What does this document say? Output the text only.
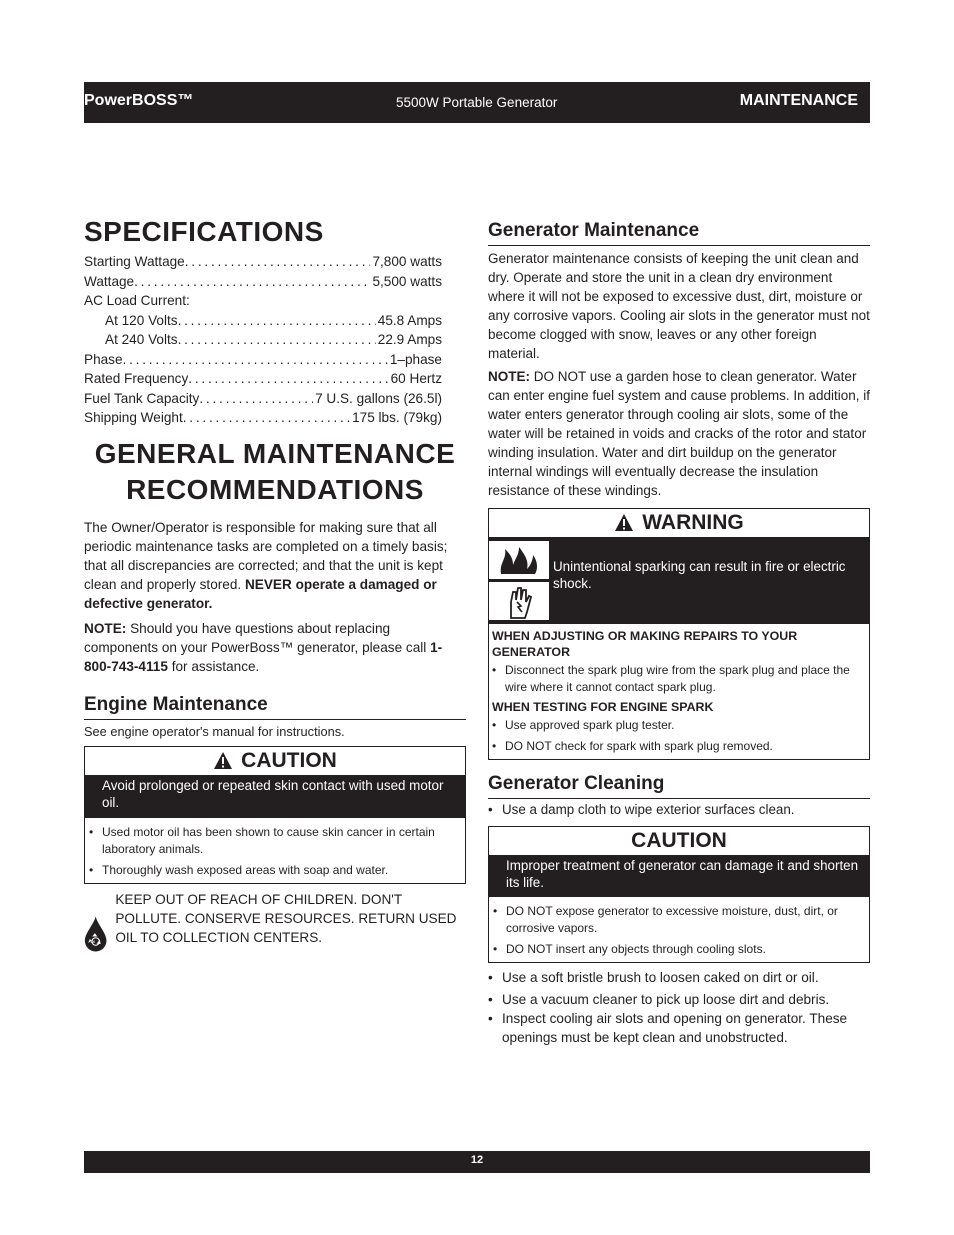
PowerBOSS™	5500W Portable Generator	MAINTENANCE
SPECIFICATIONS
Starting Wattage . . .	7,800 watts
Wattage . . .	5,500 watts
AC Load Current:
At 120 Volts . . .	45.8 Amps
At 240 Volts . . .	22.9 Amps
Phase . . .	1–phase
Rated Frequency . . .	60 Hertz
Fuel Tank Capacity . . .	7 U.S. gallons (26.5l)
Shipping Weight . . .	175 lbs. (79kg)
GENERAL MAINTENANCE
RECOMMENDATIONS

The Owner/Operator is responsible for making sure that all periodic maintenance tasks are completed on a timely basis; that all discrepancies are corrected; and that the unit is kept clean and properly stored. NEVER operate a damaged or defective generator.

NOTE: Should you have questions about replacing components on your PowerBoss™ generator, please call 1-800-743-4115 for assistance.

Engine Maintenance

See engine operator's manual for instructions.

CAUTION
Avoid prolonged or repeated skin contact with used motor oil.
• Used motor oil has been shown to cause skin cancer in certain laboratory animals.
• Thoroughly wash exposed areas with soap and water.
Oil

KEEP OUT OF REACH OF CHILDREN. DON'T POLLUTE. CONSERVE RESOURCES. RETURN USED OIL TO COLLECTION CENTERS.

Generator Maintenance

Generator maintenance consists of keeping the unit clean and dry. Operate and store the unit in a clean dry environment where it will not be exposed to excessive dust, dirt, moisture or any corrosive vapors. Cooling air slots in the generator must not become clogged with snow, leaves or any other foreign material.

NOTE: DO NOT use a garden hose to clean generator. Water can enter engine fuel system and cause problems. In addition, if water enters generator through cooling air slots, some of the water will be retained in voids and cracks of the rotor and stator winding insulation. Water and dirt buildup on the generator internal windings will eventually decrease the insulation resistance of these windings.

WARNING
Unintentional sparking can result in fire or electric shock.
WHEN ADJUSTING OR MAKING REPAIRS TO YOUR GENERATOR
• Disconnect the spark plug wire from the spark plug and place the wire where it cannot contact spark plug.
WHEN TESTING FOR ENGINE SPARK
• Use approved spark plug tester.
• DO NOT check for spark with spark plug removed.
Generator Cleaning
• Use a damp cloth to wipe exterior surfaces clean.
CAUTION
Improper treatment of generator can damage it and shorten its life.
• DO NOT expose generator to excessive moisture, dust, dirt, or corrosive vapors.
• DO NOT insert any objects through cooling slots.
• Use a soft bristle brush to loosen caked on dirt or oil.
• Use a vacuum cleaner to pick up loose dirt and debris.
• Inspect cooling air slots and opening on generator. These openings must be kept clean and unobstructed.
12
